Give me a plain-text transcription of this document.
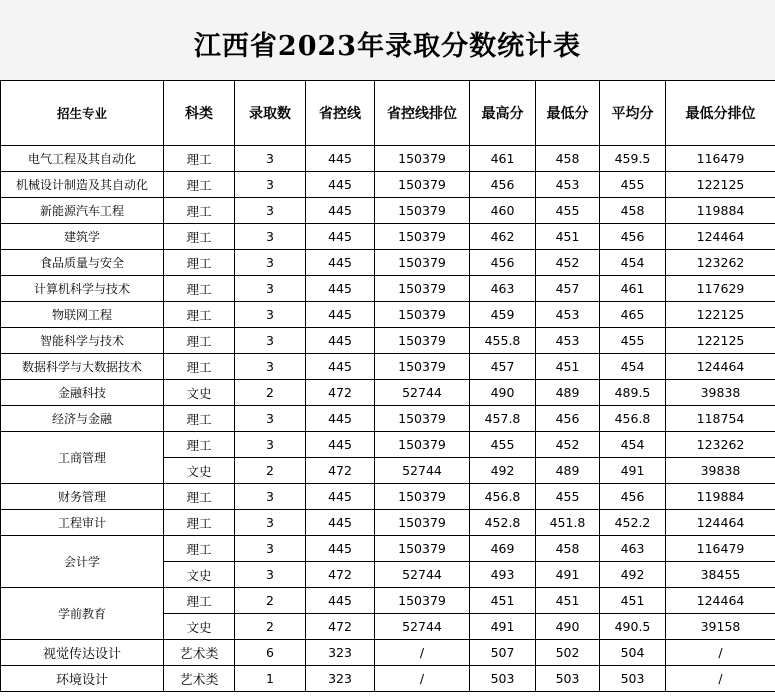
江西省2023年录取分数统计表
招生专业	科类	录取数	省控线	省控线排位	最高分	最低分	平均分	最低分排位
电气工程及其自动化	理工	3	445	150379	461	458	459.5	116479
机械设计制造及其自动化	理工	3	445	150379	456	453	455	122125
新能源汽车工程	理工	3	445	150379	460	455	458	119884
建筑学	理工	3	445	150379	462	451	456	124464
食品质量与安全	理工	3	445	150379	456	452	454	123262
计算机科学与技术	理工	3	445	150379	463	457	461	117629
物联网工程	理工	3	445	150379	459	453	465	122125
智能科学与技术	理工	3	445	150379	455.8	453	455	122125
数据科学与大数据技术	理工	3	445	150379	457	451	454	124464
金融科技	文史	2	472	52744	490	489	489.5	39838
经济与金融	理工	3	445	150379	457.8	456	456.8	118754
工商管理	理工	3	445	150379	455	452	454	123262
	文史	2	472	52744	492	489	491	39838
财务管理	理工	3	445	150379	456.8	455	456	119884
工程审计	理工	3	445	150379	452.8	451.8	452.2	124464
会计学	理工	3	445	150379	469	458	463	116479
	文史	3	472	52744	493	491	492	38455
学前教育	理工	2	445	150379	451	451	451	124464
	文史	2	472	52744	491	490	490.5	39158
视觉传达设计	艺术类	6	323	/	507	502	504	/
环境设计	艺术类	1	323	/	503	503	503	/
